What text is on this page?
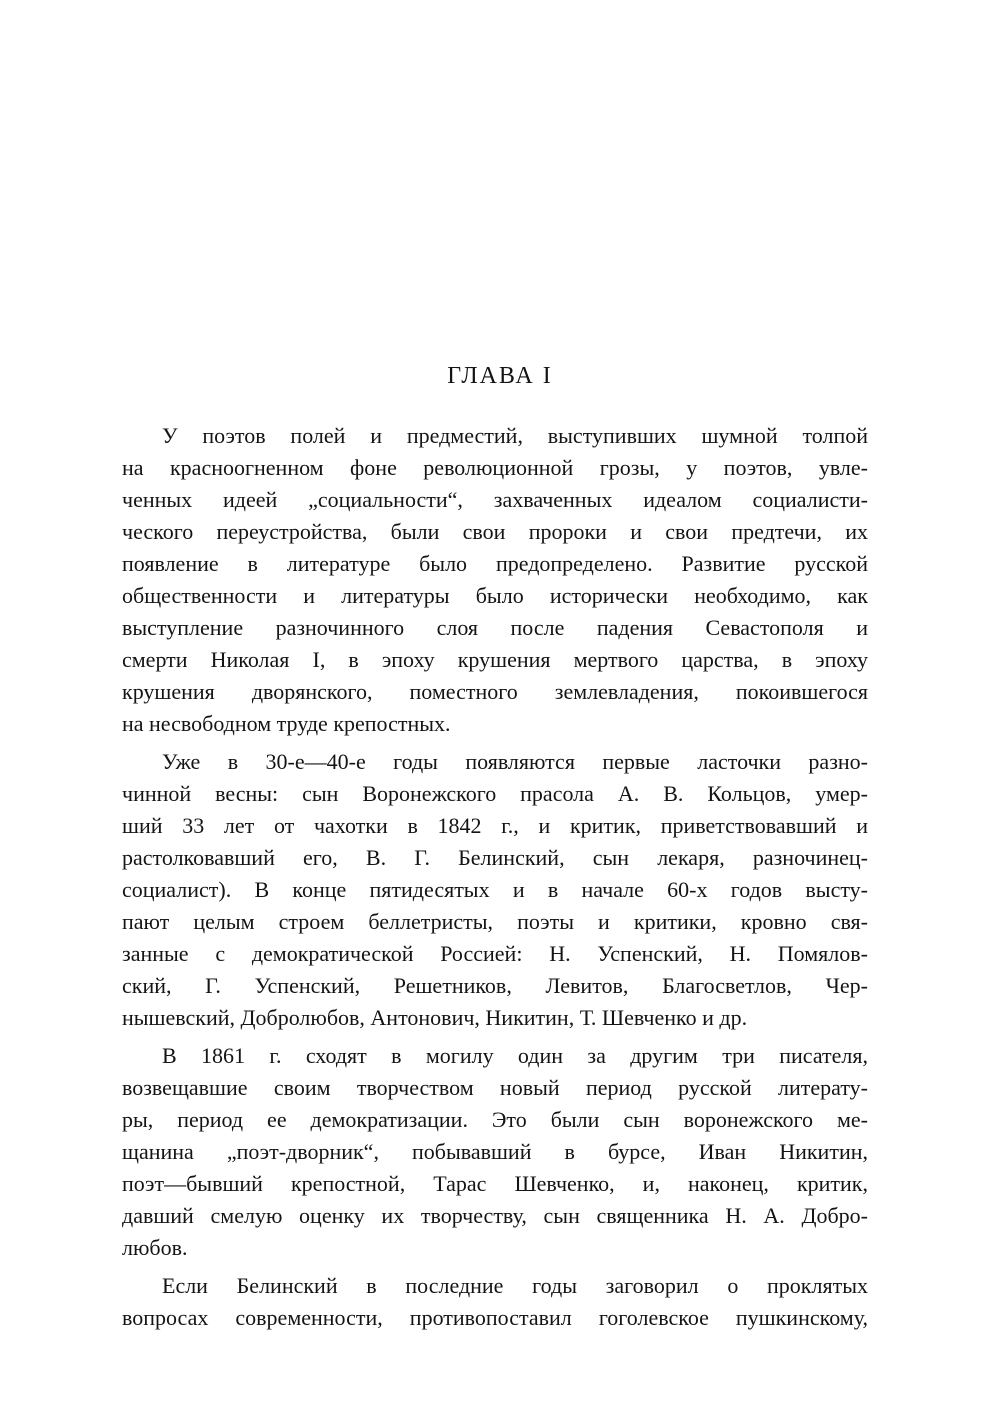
ГЛАВА I

У поэтов полей и предместий, выступивших шумной толпой
на красноогненном фоне революционной грозы, у поэтов, увле-
ченных идеей „социальности“, захваченных идеалом социалисти-
ческого переустройства, были свои пророки и свои предтечи, их
появление в литературе было предопределено. Развитие русской
общественности и литературы было исторически необходимо, как
выступление разночинного слоя после падения Севастополя и
смерти Николая I, в эпоху крушения мертвого царства, в эпоху
крушения дворянского, поместного землевладения, покоившегося
на несвободном труде крепостных.

Уже в 30-е—40-е годы появляются первые ласточки разно-
чинной весны: сын Воронежского прасола А. В. Кольцов, умер-
ший 33 лет от чахотки в 1842 г., и критик, приветствовавший и
растолковавший его, В. Г. Белинский, сын лекаря, разночинец-
социалист). В конце пятидесятых и в начале 60-х годов высту-
пают целым строем беллетристы, поэты и критики, кровно свя-
занные с демократической Россией: Н. Успенский, Н. Помялов-
ский, Г. Успенский, Решетников, Левитов, Благосветлов, Чер-
нышевский, Добролюбов, Антонович, Никитин, Т. Шевченко и др.

В 1861 г. сходят в могилу один за другим три писателя,
возвещавшие своим творчеством новый период русской литерату-
ры, период ее демократизации. Это были сын воронежского ме-
щанина „поэт-дворник“, побывавший в бурсе, Иван Никитин,
поэт—бывший крепостной, Тарас Шевченко, и, наконец, критик,
давший смелую оценку их творчеству, сын священника Н. А. Добро-
любов.

Если Белинский в последние годы заговорил о проклятых
вопросах современности, противопоставил гоголевское пушкинскому,
